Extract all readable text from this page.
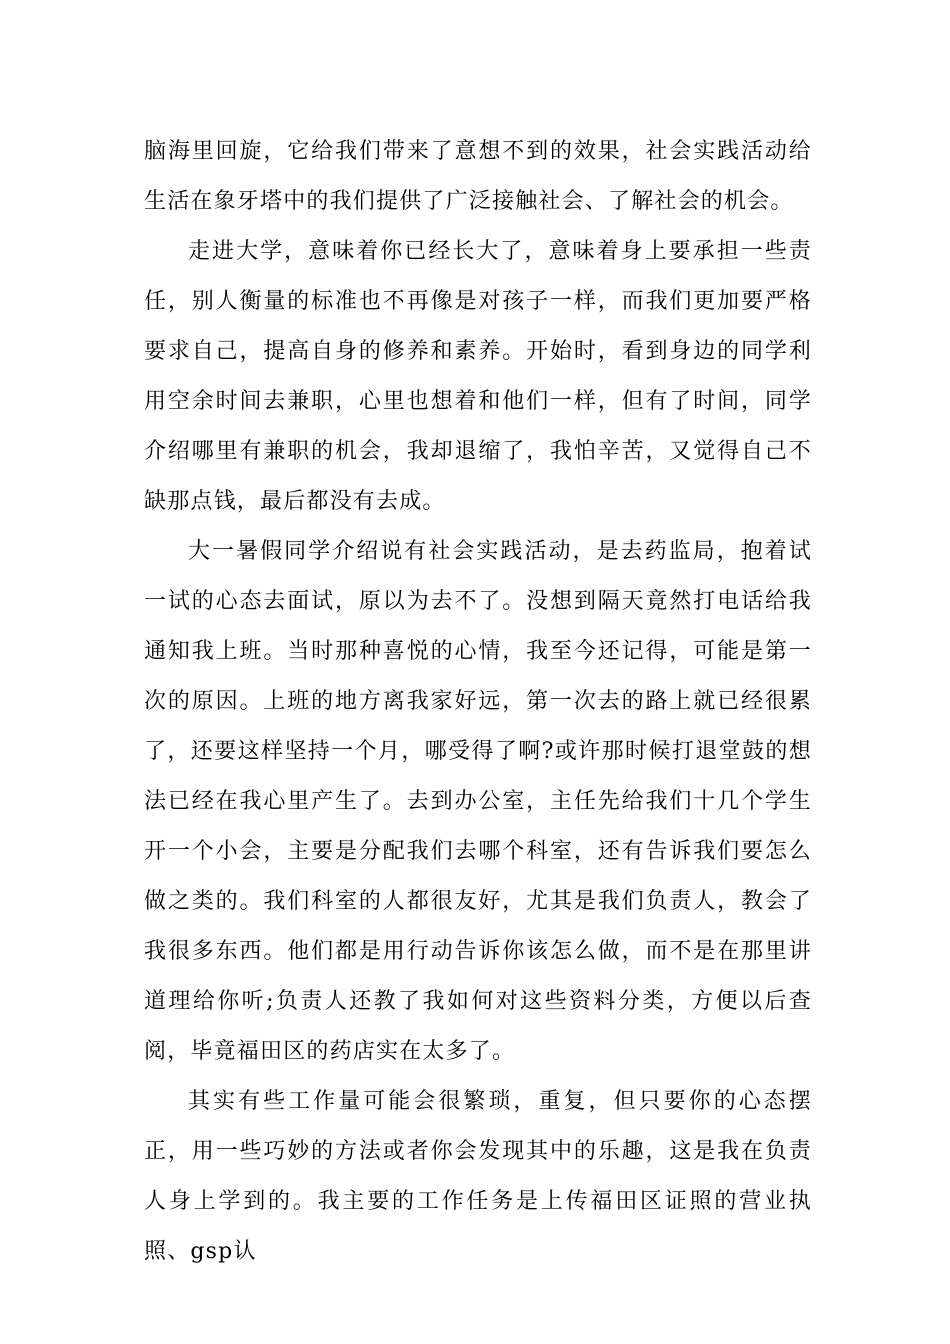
脑海里回旋，它给我们带来了意想不到的效果，社会实践活动给生活在象牙塔中的我们提供了广泛接触社会、了解社会的机会。

走进大学，意味着你已经长大了，意味着身上要承担一些责任，别人衡量的标准也不再像是对孩子一样，而我们更加要严格要求自己，提高自身的修养和素养。开始时，看到身边的同学利用空余时间去兼职，心里也想着和他们一样，但有了时间，同学介绍哪里有兼职的机会，我却退缩了，我怕辛苦，又觉得自己不缺那点钱，最后都没有去成。

大一暑假同学介绍说有社会实践活动，是去药监局，抱着试一试的心态去面试，原以为去不了。没想到隔天竟然打电话给我通知我上班。当时那种喜悦的心情，我至今还记得，可能是第一次的原因。上班的地方离我家好远，第一次去的路上就已经很累了，还要这样坚持一个月，哪受得了啊?或许那时候打退堂鼓的想法已经在我心里产生了。去到办公室，主任先给我们十几个学生开一个小会，主要是分配我们去哪个科室，还有告诉我们要怎么做之类的。我们科室的人都很友好，尤其是我们负责人，教会了我很多东西。他们都是用行动告诉你该怎么做，而不是在那里讲道理给你听;负责人还教了我如何对这些资料分类，方便以后查阅，毕竟福田区的药店实在太多了。

其实有些工作量可能会很繁琐，重复，但只要你的心态摆正，用一些巧妙的方法或者你会发现其中的乐趣，这是我在负责人身上学到的。我主要的工作任务是上传福田区证照的营业执照、gsp认
